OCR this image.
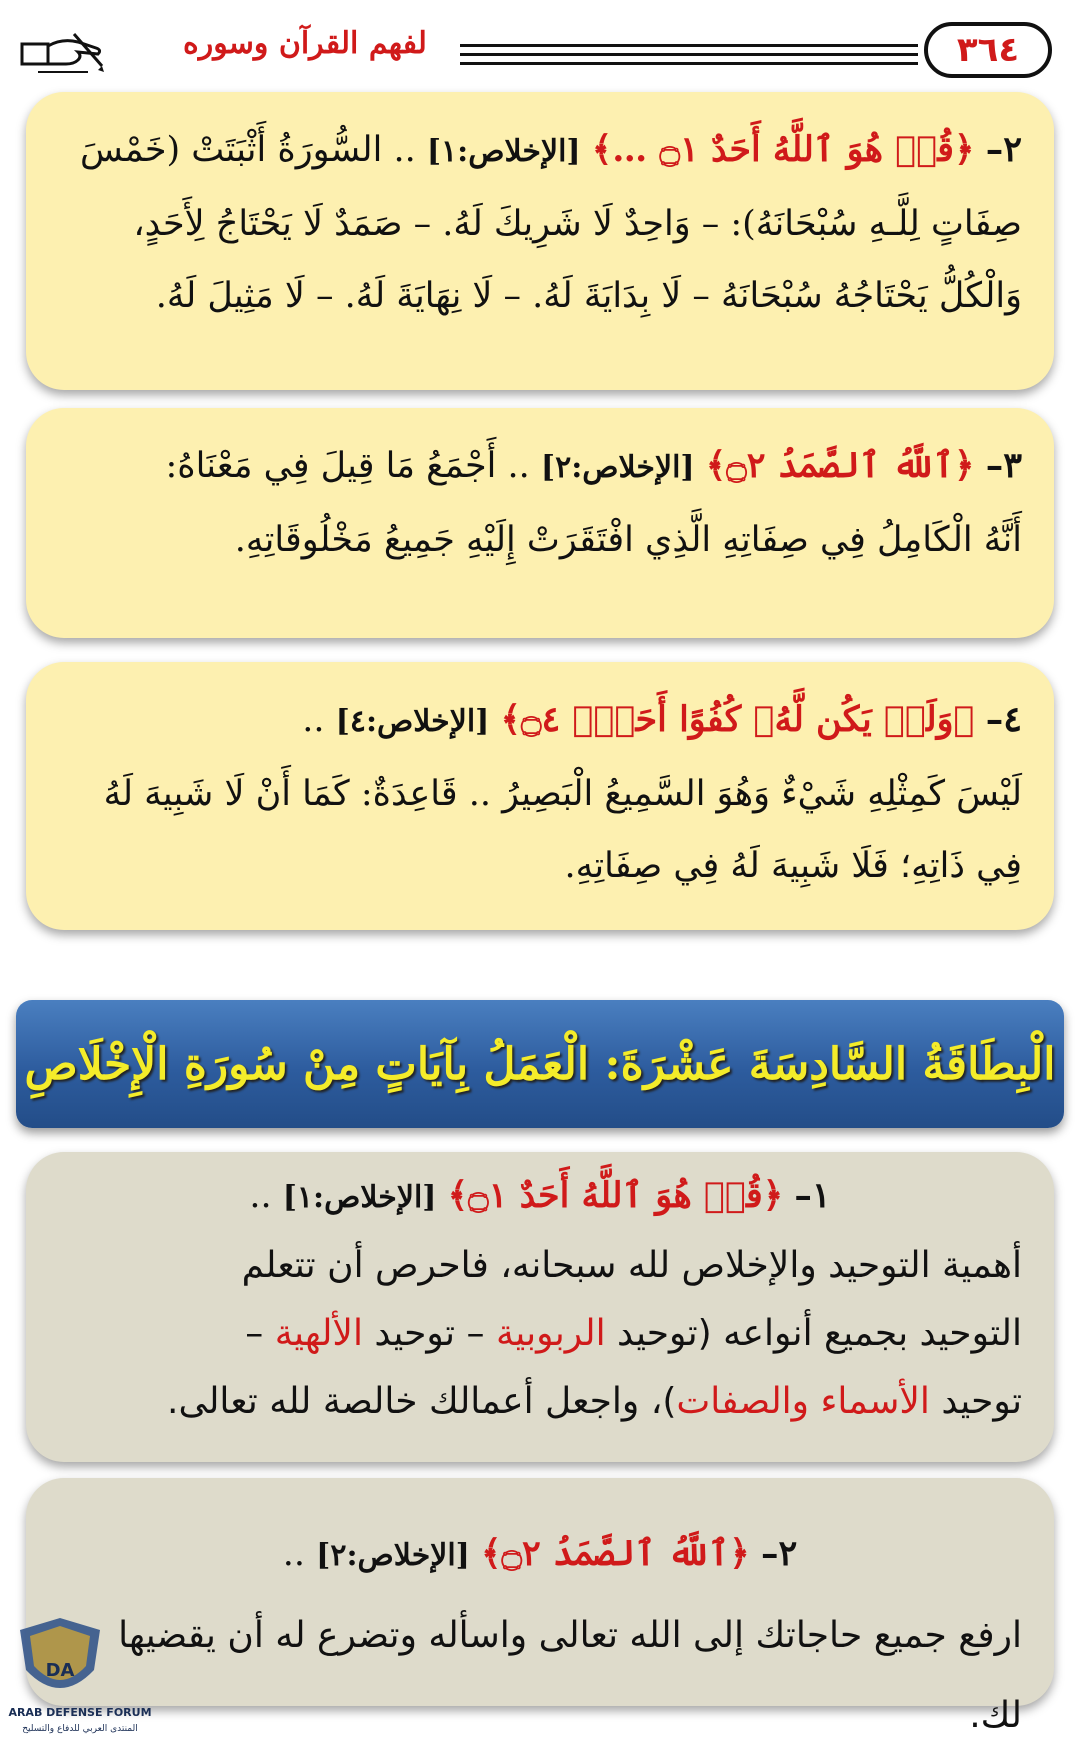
٣٦٤
لفهم القرآن وسوره
٢– ﴿قُلۡ هُوَ ٱللَّهُ أَحَدٌ ۝١ …﴾ [الإخلاص:١] .. السُّورَةُ أَثْبَتَتْ (خَمْسَ
صِفَاتٍ لِلَّـهِ سُبْحَانَهُ): – وَاحِدٌ لَا شَرِيكَ لَهُ. – صَمَدٌ لَا يَحْتَاجُ لِأَحَدٍ،
وَالْكُلُّ يَحْتَاجُهُ سُبْحَانَهُ – لَا بِدَايَةَ لَهُ. – لَا نِهَايَةَ لَهُ. – لَا مَثِيلَ لَهُ.
٣– ﴿ٱللَّهُ ٱلصَّمَدُ ۝٢﴾ [الإخلاص:٢] .. أَجْمَعُ مَا قِيلَ فِي مَعْنَاهُ:
أَنَّهُ الْكَامِلُ فِي صِفَاتِهِ الَّذِي افْتَقَرَتْ إِلَيْهِ جَمِيعُ مَخْلُوقَاتِهِ.
٤– ﴿وَلَمۡ يَكُن لَّهُۥ كُفُوًا أَحَدُۢ ۝٤﴾ [الإخلاص:٤] ..
لَيْسَ كَمِثْلِهِ شَيْءٌ وَهُوَ السَّمِيعُ الْبَصِيرُ .. قَاعِدَةٌ: كَمَا أَنْ لَا شَبِيهَ لَهُ
فِي ذَاتِهِ؛ فَلَا شَبِيهَ لَهُ فِي صِفَاتِهِ.
الْبِطَاقَةُ السَّادِسَةَ عَشْرَةَ: الْعَمَلُ بِآيَاتٍ مِنْ سُورَةِ الْإِخْلَاصِ
١– ﴿قُلۡ هُوَ ٱللَّهُ أَحَدٌ ۝١﴾ [الإخلاص:١] ..
أهمية التوحيد والإخلاص لله سبحانه، فاحرص أن تتعلم
التوحيد بجميع أنواعه (توحيد الربوبية – توحيد الألهية –
توحيد الأسماء والصفات)، واجعل أعمالك خالصة لله تعالى.
٢– ﴿ٱللَّهُ ٱلصَّمَدُ ۝٢﴾ [الإخلاص:٢] ..
ارفع جميع حاجاتك إلى الله تعالى واسأله وتضرع له أن يقضيها لك.
DA
ARAB DEFENSE FORUM
المنتدى العربي للدفاع والتسليح
